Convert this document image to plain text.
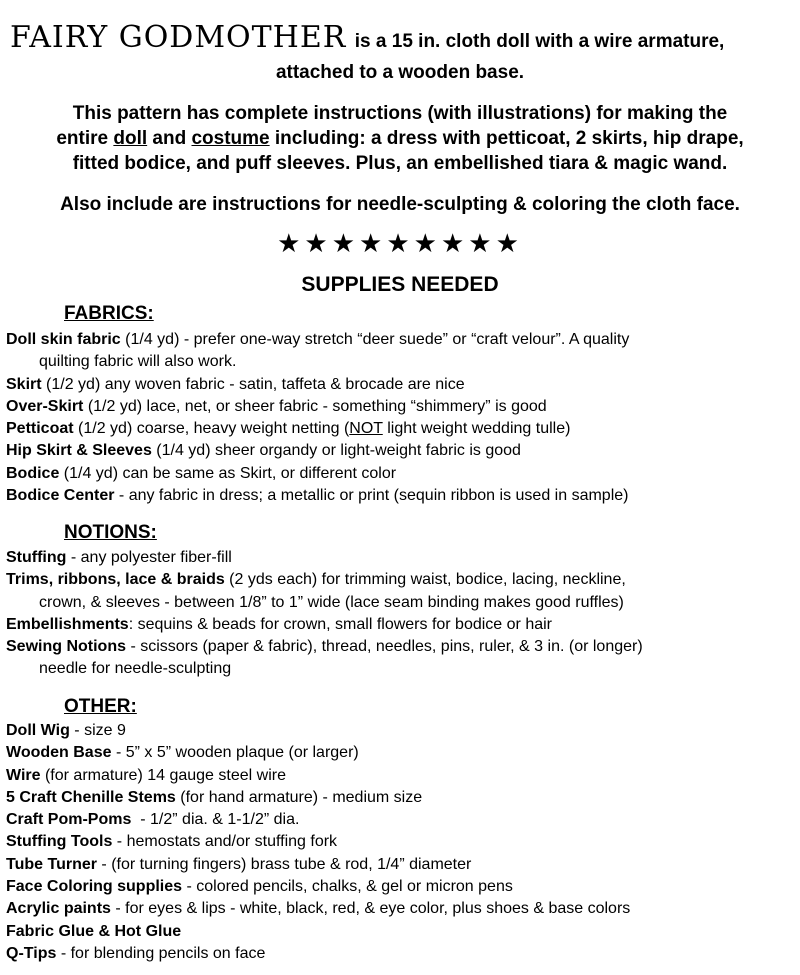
FAIRY GODMOTHER is a 15 in. cloth doll with a wire armature,
attached to a wooden base.
This pattern has complete instructions (with illustrations) for making the
entire doll and costume including: a dress with petticoat, 2 skirts, hip drape,
fitted bodice, and puff sleeves. Plus, an embellished tiara & magic wand.
Also include are instructions for needle-sculpting & coloring the cloth face.
★★★★★★★★★
SUPPLIES NEEDED
FABRICS:
Doll skin fabric (1/4 yd) - prefer one-way stretch “deer suede” or “craft velour”. A quality
quilting fabric will also work.
Skirt (1/2 yd) any woven fabric - satin, taffeta & brocade are nice
Over-Skirt (1/2 yd) lace, net, or sheer fabric - something “shimmery” is good
Petticoat (1/2 yd) coarse, heavy weight netting (NOT light weight wedding tulle)
Hip Skirt & Sleeves (1/4 yd) sheer organdy or light-weight fabric is good
Bodice (1/4 yd) can be same as Skirt, or different color
Bodice Center - any fabric in dress; a metallic or print (sequin ribbon is used in sample)
NOTIONS:
Stuffing - any polyester fiber-fill
Trims, ribbons, lace & braids (2 yds each) for trimming waist, bodice, lacing, neckline,
crown, & sleeves - between 1/8” to 1” wide (lace seam binding makes good ruffles)
Embellishments: sequins & beads for crown, small flowers for bodice or hair
Sewing Notions - scissors (paper & fabric), thread, needles, pins, ruler, & 3 in. (or longer)
needle for needle-sculpting
OTHER:
Doll Wig - size 9
Wooden Base - 5” x 5” wooden plaque (or larger)
Wire (for armature) 14 gauge steel wire
5 Craft Chenille Stems (for hand armature) - medium size
Craft Pom-Poms  - 1/2” dia. & 1-1/2” dia.
Stuffing Tools - hemostats and/or stuffing fork
Tube Turner - (for turning fingers) brass tube & rod, 1/4” diameter
Face Coloring supplies - colored pencils, chalks, & gel or micron pens
Acrylic paints - for eyes & lips - white, black, red, & eye color, plus shoes & base colors
Fabric Glue & Hot Glue
Q-Tips - for blending pencils on face
